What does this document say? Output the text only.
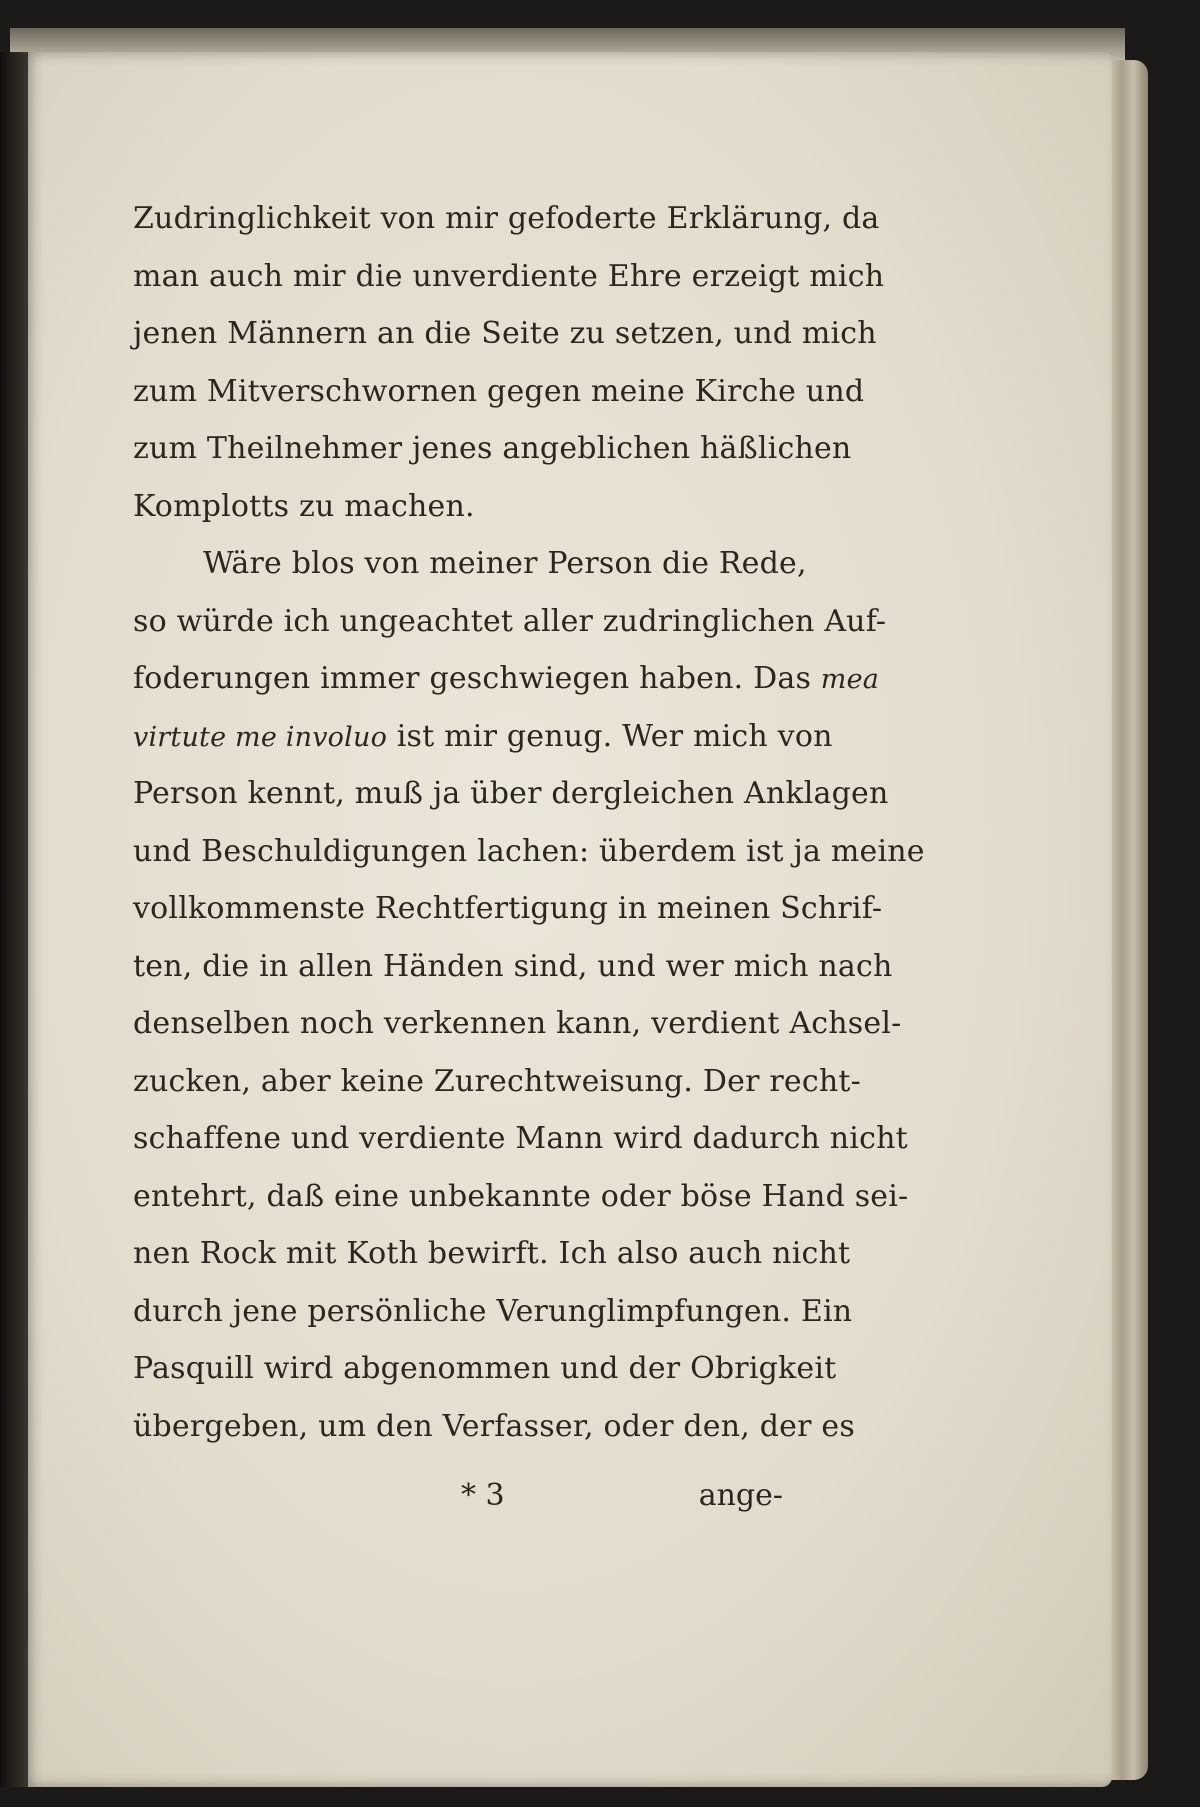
Zudringlichkeit von mir gefoderte Erklärung, da
man auch mir die unverdiente Ehre erzeigt mich
jenen Männern an die Seite zu setzen, und mich
zum Mitverschwornen gegen meine Kirche und
zum Theilnehmer jenes angeblichen häßlichen
Komplotts zu machen.
Wäre blos von meiner Person die Rede,
so würde ich ungeachtet aller zudringlichen Auf-
foderungen immer geschwiegen haben. Das mea
virtute me involuo ist mir genug. Wer mich von
Person kennt, muß ja über dergleichen Anklagen
und Beschuldigungen lachen: überdem ist ja meine
vollkommenste Rechtfertigung in meinen Schrif-
ten, die in allen Händen sind, und wer mich nach
denselben noch verkennen kann, verdient Achsel-
zucken, aber keine Zurechtweisung. Der recht-
schaffene und verdiente Mann wird dadurch nicht
entehrt, daß eine unbekannte oder böse Hand sei-
nen Rock mit Koth bewirft. Ich also auch nicht
durch jene persönliche Verunglimpfungen. Ein
Pasquill wird abgenommen und der Obrigkeit
übergeben, um den Verfasser, oder den, der es
* 3	ange-
